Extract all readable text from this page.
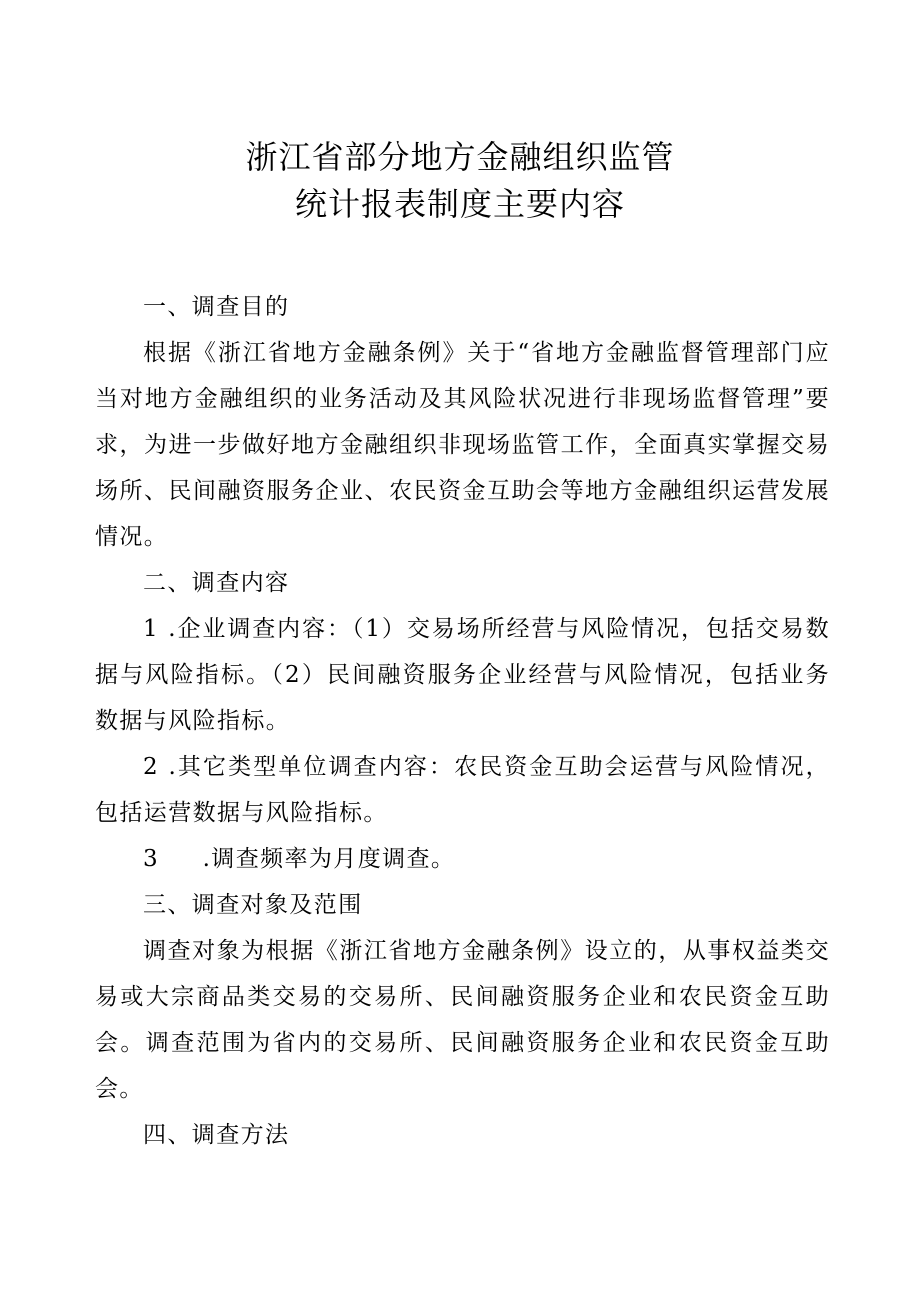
浙江省部分地方金融组织监管
统计报表制度主要内容

一、调查目的

根据《浙江省地方金融条例》关于“省地方金融监督管理部门应当对地方金融组织的业务活动及其风险状况进行非现场监督管理”要求，为进一步做好地方金融组织非现场监管工作，全面真实掌握交易场所、民间融资服务企业、农民资金互助会等地方金融组织运营发展情况。

二、调查内容

1 .企业调查内容：（1）交易场所经营与风险情况，包括交易数据与风险指标。（2）民间融资服务企业经营与风险情况，包括业务数据与风险指标。

2 .其它类型单位调查内容：农民资金互助会运营与风险情况，包括运营数据与风险指标。

3     .调查频率为月度调查。

三、调查对象及范围

调查对象为根据《浙江省地方金融条例》设立的，从事权益类交易或大宗商品类交易的交易所、民间融资服务企业和农民资金互助会。调查范围为省内的交易所、民间融资服务企业和农民资金互助会。

四、调查方法
